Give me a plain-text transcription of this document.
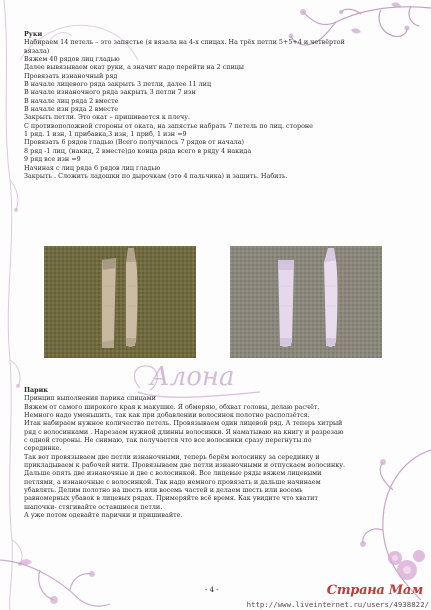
Руки
Набираем 14 петель – это запястье (я вязала на 4-х спицах. На трёх петли 5+5+4 и четвёртой
вязала)
Вяжем 40 рядов лиц гладью
Далее вывязываем окат руки, а значит надо перейти на 2 спицы
Провязать изнаночный ряд
В начале лицевого ряда закрыть 3 петли, далее 11 лиц
В начале изнаночного ряда закрыть 3 петли 7 изн
В начале лиц ряда 2 вместе
В начале изн ряда 2 вместе
Закрыть петли. Это окат – пришивается к плечу.
С противоположной стороны от оката, на запястье набрать 7 петель по лиц. стороне
1 ряд. 1 изн, 1 прибавка,3 изн, 1 приб, 1 изн =9
Провязать 6 рядов гладью (Всего получилось 7 рядов от начала)
8 ряд -1 лиц, (накид, 2 вместе)до конца ряда всего в ряду 4 накида
9 ряд все изн =9
Начиная с лиц ряда 6 рядов лиц гладью
Закрыть . Сложить ладошки по дырочкам (это 4 пальчика) и зашить. Набить.
Алона
Парик
Принцип выполнения парика спицами
Вяжем от самого широкого края к макушке. Я обмеряю, обхват головы, делаю расчёт.
Немного надо уменьшить, так как при добавлении волосинок полотно расползётся.
Итак набираем нужное количество петель. Провязываем один лицевой ряд. А теперь хитрый
ряд с волосинками . Нарезаем нужной длинны волосинки. Я наматываю на книгу и разрезаю
с одной стороны. Не снимаю, так получается что все волосинки сразу перегнуты по
серединке.
Так вот провязываем две петли изнаночными, теперь берём волосинку за серединку и
прикладываем к рабочей нити. Провязываем две петли изнаночными и отпускаем волосинку.
Дальше опять две изнаночные и две с волосинкой. Все лицевые ряды вяжем лицевыми
петлями, а изнаночные с волосинкой. Так надо немного провязать и дальше начинаем
убавлять. Делим полотно на шесть или восемь частей и делаем шесть или восемь
равномерных убавок в лицевых рядах. Примеряйте всё время. Как увидите что хватит
шапочки- стягивайте оставшиеся петли.
А уже потом одевайте парички и пришивайте.
- 4 -	Страна Мам
http://www.liveinternet.ru/users/4938822/
